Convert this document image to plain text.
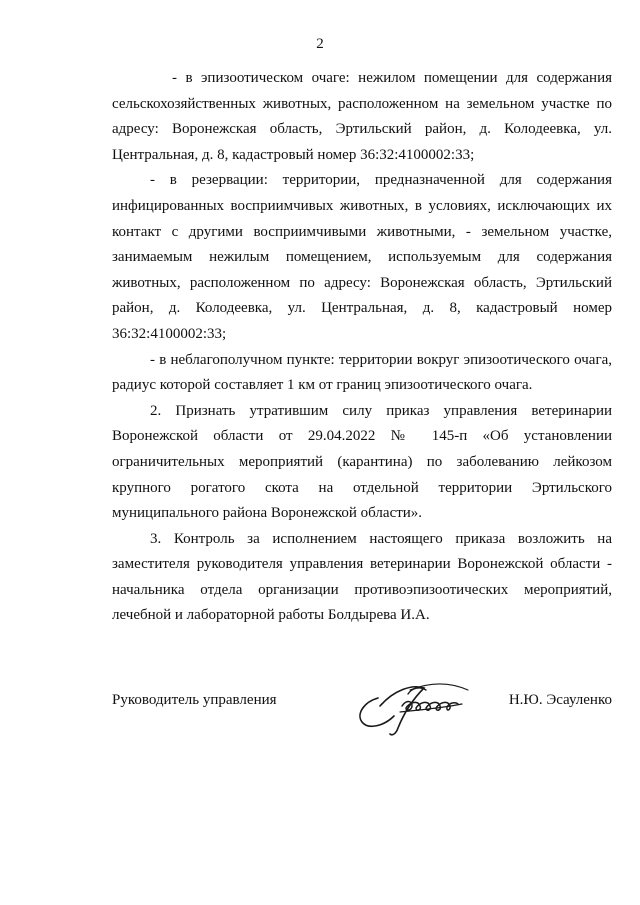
2

- в эпизоотическом очаге: нежилом помещении для содержания сельскохозяйственных животных, расположенном на земельном участке по адресу: Воронежская область, Эртильский район, д. Колодеевка, ул. Центральная, д. 8, кадастровый номер 36:32:4100002:33;

- в резервации: территории, предназначенной для содержания инфицированных восприимчивых животных, в условиях, исключающих их контакт с другими восприимчивыми животными, - земельном участке, занимаемым нежилым помещением, используемым для содержания животных, расположенном по адресу: Воронежская область, Эртильский район, д. Колодеевка, ул. Центральная, д. 8, кадастровый номер 36:32:4100002:33;

- в неблагополучном пункте: территории вокруг эпизоотического очага, радиус которой составляет 1 км от границ эпизоотического очага.

2. Признать утратившим силу приказ управления ветеринарии Воронежской области от 29.04.2022 № 145-п «Об установлении ограничительных мероприятий (карантина) по заболеванию лейкозом крупного рогатого скота на отдельной территории Эртильского муниципального района Воронежской области».

3. Контроль за исполнением настоящего приказа возложить на заместителя руководителя управления ветеринарии Воронежской области - начальника отдела организации противоэпизоотических мероприятий, лечебной и лабораторной работы Болдырева И.А.

Руководитель управления	Н.Ю. Эсауленко
